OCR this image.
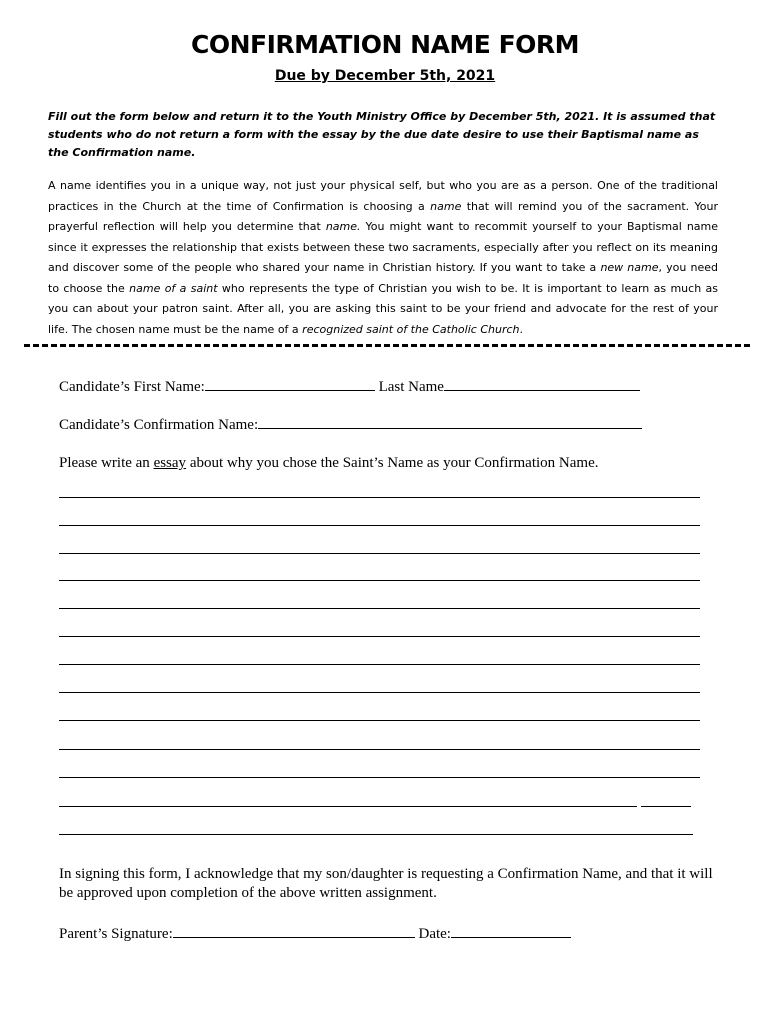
CONFIRMATION NAME FORM
Due by December 5th, 2021
Fill out the form below and return it to the Youth Ministry Office by December 5th, 2021. It is assumed that students who do not return a form with the essay by the due date desire to use their Baptismal name as the Confirmation name.
A name identifies you in a unique way, not just your physical self, but who you are as a person. One of the traditional practices in the Church at the time of Confirmation is choosing a name that will remind you of the sacrament. Your prayerful reflection will help you determine that name. You might want to recommit yourself to your Baptismal name since it expresses the relationship that exists between these two sacraments, especially after you reflect on its meaning and discover some of the people who shared your name in Christian history. If you want to take a new name, you need to choose the name of a saint who represents the type of Christian you wish to be. It is important to learn as much as you can about your patron saint. After all, you are asking this saint to be your friend and advocate for the rest of your life. The chosen name must be the name of a recognized saint of the Catholic Church.
Candidate’s First Name:	Last Name
Candidate’s Confirmation Name:
Please write an essay about why you chose the Saint’s Name as your Confirmation Name.
In signing this form, I acknowledge that my son/daughter is requesting a Confirmation Name, and that it will be approved upon completion of the above written assignment.
Parent’s Signature:	Date:
